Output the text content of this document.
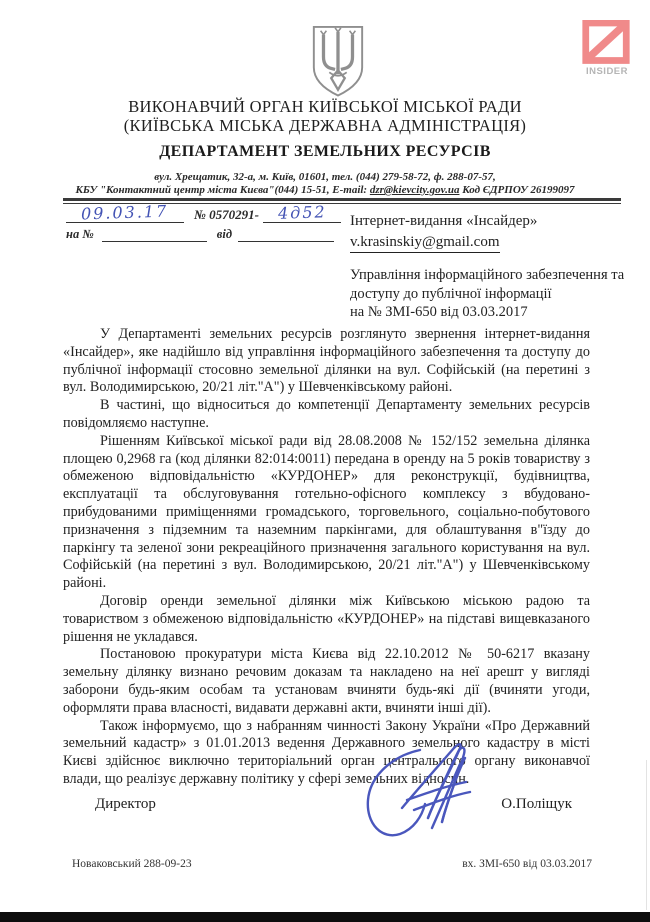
INSIDER
ВИКОНАВЧИЙ ОРГАН КИЇВСЬКОЇ МІСЬКОЇ РАДИ
(КИЇВСЬКА МІСЬКА ДЕРЖАВНА АДМІНІСТРАЦІЯ)
ДЕПАРТАМЕНТ ЗЕМЕЛЬНИХ РЕСУРСІВ
вул. Хрещатик, 32-а, м. Київ, 01601, тел. (044) 279-58-72, ф. 288-07-57,
КБУ "Контактний центр міста Києва"(044) 15-51, E-mail: dzr@kievcity.gov.ua Код ЄДРПОУ 26199097
09.03.17	№ 0570291-	4д52
на №
	від

Інтернет-видання «Інсайдер»
v.krasinskiy@gmail.com
Управління інформаційного забезпечення та
доступу до публічної інформації
на № ЗМІ-650 від 03.03.2017

У Департаменті земельних ресурсів розглянуто звернення інтернет-видання «Інсайдер», яке надійшло від управління інформаційного забезпечення та доступу до публічної інформації стосовно земельної ділянки на вул. Софійській (на перетині з вул. Володимирською, 20/21 літ."А") у Шевченківському районі.

В частині, що відноситься до компетенції Департаменту земельних ресурсів повідомляємо наступне.

Рішенням Київської міської ради від 28.08.2008 № 152/152 земельна ділянка площею 0,2968 га (код ділянки 82:014:0011) передана в оренду на 5 років товариству з обмеженою відповідальністю «КУРДОНЕР» для реконструкції, будівництва, експлуатації та обслуговування готельно-офісного комплексу з вбудовано-прибудованими приміщеннями громадського, торговельного, соціально-побутового призначення з підземним та наземним паркінгами, для облаштування в"їзду до паркінгу та зеленої зони рекреаційного призначення загального користування на вул. Софійській (на перетині з вул. Володимирською, 20/21 літ."А") у Шевченківському районі.

Договір оренди земельної ділянки між Київською міською радою та товариством з обмеженою відповідальністю «КУРДОНЕР» на підставі вищевказаного рішення не укладався.

Постановою прокуратури міста Києва від 22.10.2012 № 50-6217 вказану земельну ділянку визнано речовим доказам та накладено на неї арешт у вигляді заборони будь-яким особам та установам вчиняти будь-які дії (вчиняти угоди, оформляти права власності, видавати державні акти, вчиняти інші дії).

Також інформуємо, що з набранням чинності Закону України «Про Державний земельний кадастр» з 01.01.2013 ведення Державного земельного кадастру в місті Києві здійснює виключно територіальний орган центрального органу виконавчої влади, що реалізує державну політику у сфері земельних відносин.

Директор	О.Поліщук
Новаковський 288-09-23	вх. ЗМІ-650 від 03.03.2017
